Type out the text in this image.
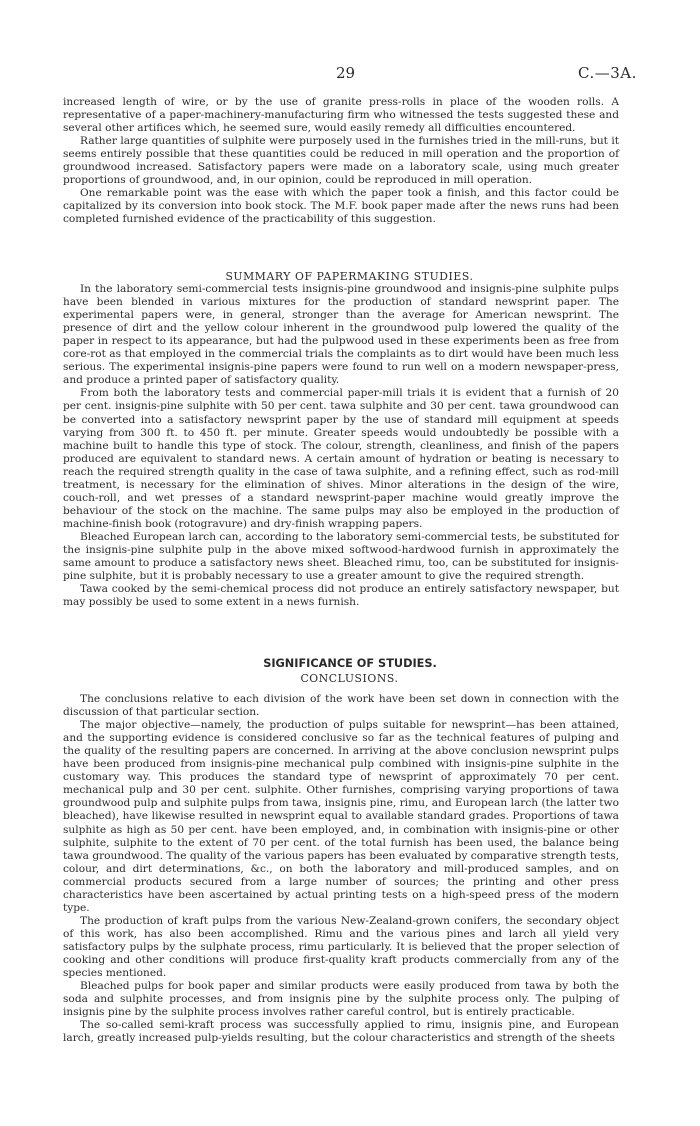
29	C.—3A.

increased length of wire, or by the use of granite press-rolls in place of the wooden rolls. A representative of a paper-machinery-manufacturing firm who witnessed the tests suggested these and several other artifices which, he seemed sure, would easily remedy all difficulties encountered.

Rather large quantities of sulphite were purposely used in the furnishes tried in the mill-runs, but it seems entirely possible that these quantities could be reduced in mill operation and the proportion of groundwood increased. Satisfactory papers were made on a laboratory scale, using much greater proportions of groundwood, and, in our opinion, could be reproduced in mill operation.

One remarkable point was the ease with which the paper took a finish, and this factor could be capitalized by its conversion into book stock. The M.F. book paper made after the news runs had been completed furnished evidence of the practicability of this suggestion.

SUMMARY OF PAPERMAKING STUDIES.

In the laboratory semi-commercial tests insignis-pine groundwood and insignis-pine sulphite pulps have been blended in various mixtures for the production of standard newsprint paper. The experimental papers were, in general, stronger than the average for American newsprint. The presence of dirt and the yellow colour inherent in the groundwood pulp lowered the quality of the paper in respect to its appearance, but had the pulpwood used in these experiments been as free from core-rot as that employed in the commercial trials the complaints as to dirt would have been much less serious. The experimental insignis-pine papers were found to run well on a modern newspaper-press, and produce a printed paper of satisfactory quality.

From both the laboratory tests and commercial paper-mill trials it is evident that a furnish of 20 per cent. insignis-pine sulphite with 50 per cent. tawa sulphite and 30 per cent. tawa groundwood can be converted into a satisfactory newsprint paper by the use of standard mill equipment at speeds varying from 300 ft. to 450 ft. per minute. Greater speeds would undoubtedly be possible with a machine built to handle this type of stock. The colour, strength, cleanliness, and finish of the papers produced are equivalent to standard news. A certain amount of hydration or beating is necessary to reach the required strength quality in the case of tawa sulphite, and a refining effect, such as rod-mill treatment, is necessary for the elimination of shives. Minor alterations in the design of the wire, couch-roll, and wet presses of a standard newsprint-paper machine would greatly improve the behaviour of the stock on the machine. The same pulps may also be employed in the production of machine-finish book (rotogravure) and dry-finish wrapping papers.

Bleached European larch can, according to the laboratory semi-commercial tests, be substituted for the insignis-pine sulphite pulp in the above mixed softwood-hardwood furnish in approximately the same amount to produce a satisfactory news sheet. Bleached rimu, too, can be substituted for insignis-pine sulphite, but it is probably necessary to use a greater amount to give the required strength.

Tawa cooked by the semi-chemical process did not produce an entirely satisfactory newspaper, but may possibly be used to some extent in a news furnish.

SIGNIFICANCE OF STUDIES.

CONCLUSIONS.

The conclusions relative to each division of the work have been set down in connection with the discussion of that particular section.

The major objective—namely, the production of pulps suitable for newsprint—has been attained, and the supporting evidence is considered conclusive so far as the technical features of pulping and the quality of the resulting papers are concerned. In arriving at the above conclusion newsprint pulps have been produced from insignis-pine mechanical pulp combined with insignis-pine sulphite in the customary way. This produces the standard type of newsprint of approximately 70 per cent. mechanical pulp and 30 per cent. sulphite. Other furnishes, comprising varying proportions of tawa groundwood pulp and sulphite pulps from tawa, insignis pine, rimu, and European larch (the latter two bleached), have likewise resulted in newsprint equal to available standard grades. Proportions of tawa sulphite as high as 50 per cent. have been employed, and, in combination with insignis-pine or other sulphite, sulphite to the extent of 70 per cent. of the total furnish has been used, the balance being tawa groundwood. The quality of the various papers has been evaluated by comparative strength tests, colour, and dirt determinations, &c., on both the laboratory and mill-produced samples, and on commercial products secured from a large number of sources; the printing and other press characteristics have been ascertained by actual printing tests on a high-speed press of the modern type.

The production of kraft pulps from the various New-Zealand-grown conifers, the secondary object of this work, has also been accomplished. Rimu and the various pines and larch all yield very satisfactory pulps by the sulphate process, rimu particularly. It is believed that the proper selection of cooking and other conditions will produce first-quality kraft products commercially from any of the species mentioned.

Bleached pulps for book paper and similar products were easily produced from tawa by both the soda and sulphite processes, and from insignis pine by the sulphite process only. The pulping of insignis pine by the sulphite process involves rather careful control, but is entirely practicable.

The so-called semi-kraft process was successfully applied to rimu, insignis pine, and European larch, greatly increased pulp-yields resulting, but the colour characteristics and strength of the sheets
